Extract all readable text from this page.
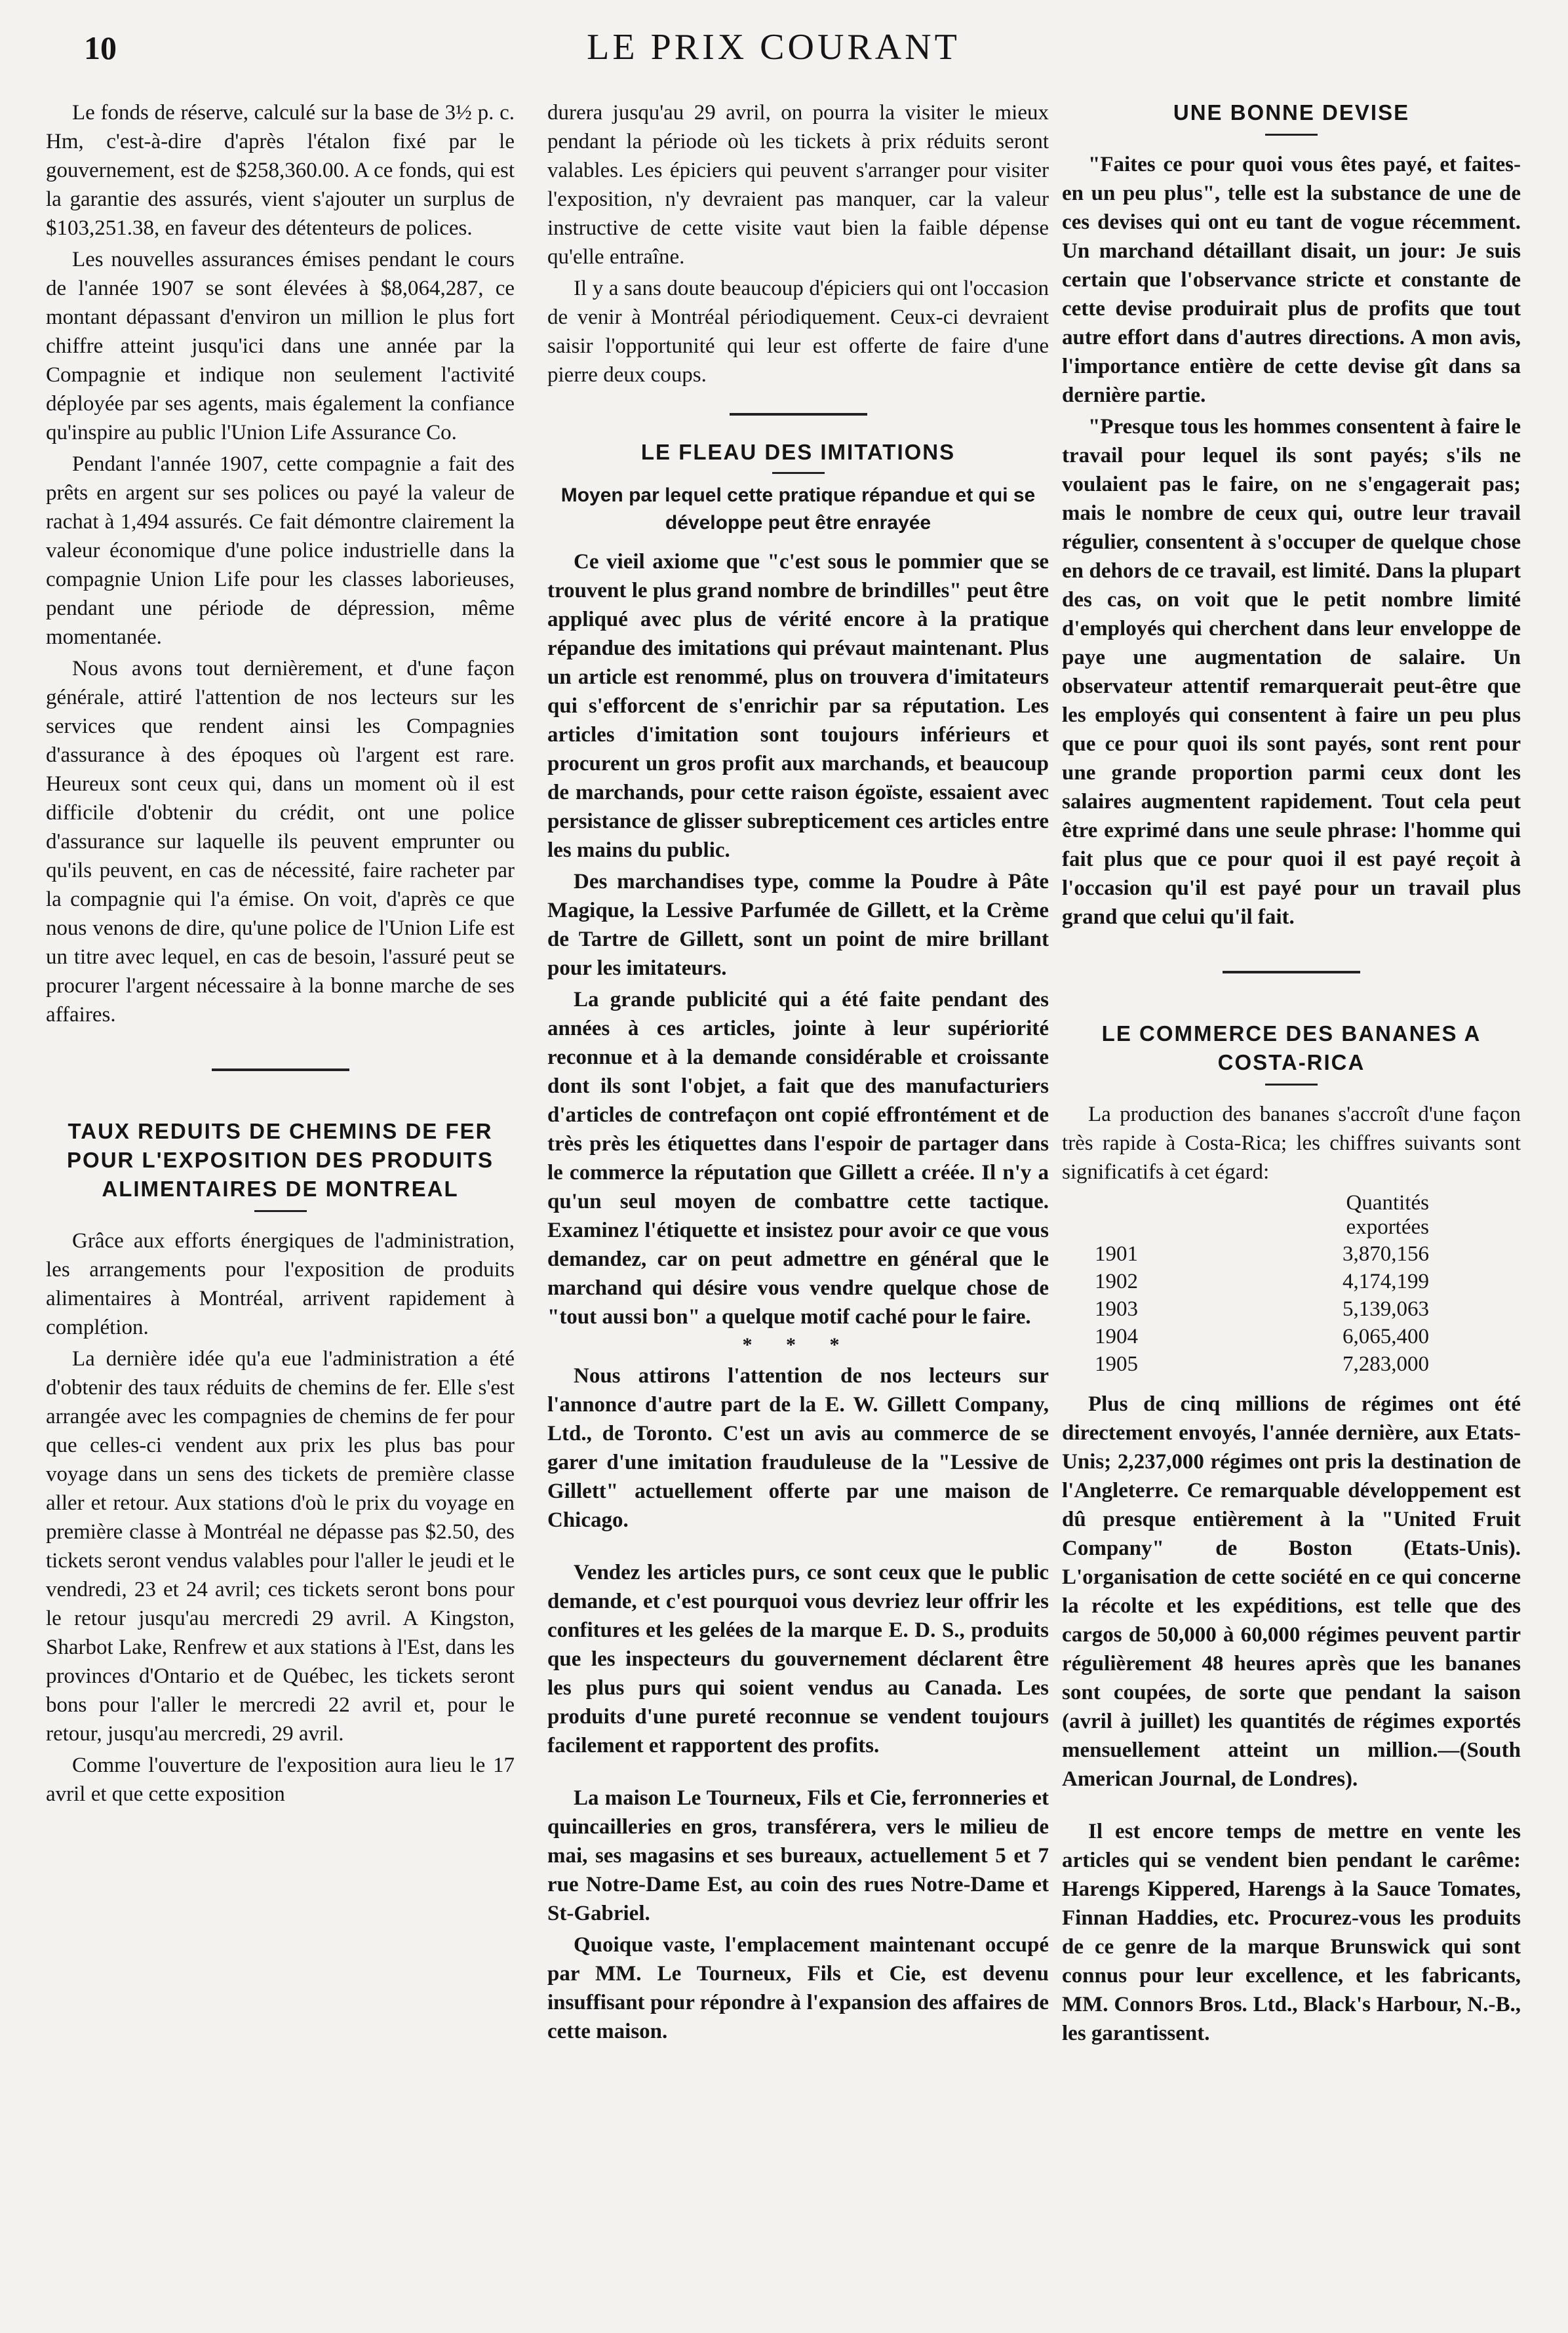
10	LE PRIX COURANT

Le fonds de réserve, calculé sur la base de 3½ p. c. Hm, c'est-à-dire d'après l'étalon fixé par le gouvernement, est de $258,360.00. A ce fonds, qui est la garantie des assurés, vient s'ajouter un surplus de $103,251.38, en faveur des détenteurs de polices.

Les nouvelles assurances émises pendant le cours de l'année 1907 se sont élevées à $8,064,287, ce montant dépassant d'environ un million le plus fort chiffre atteint jusqu'ici dans une année par la Compagnie et indique non seulement l'activité déployée par ses agents, mais également la confiance qu'inspire au public l'Union Life Assurance Co.

Pendant l'année 1907, cette compagnie a fait des prêts en argent sur ses polices ou payé la valeur de rachat à 1,494 assurés. Ce fait démontre clairement la valeur économique d'une police industrielle dans la compagnie Union Life pour les classes laborieuses, pendant une période de dépression, même momentanée.

Nous avons tout dernièrement, et d'une façon générale, attiré l'attention de nos lecteurs sur les services que rendent ainsi les Compagnies d'assurance à des époques où l'argent est rare. Heureux sont ceux qui, dans un moment où il est difficile d'obtenir du crédit, ont une police d'assurance sur laquelle ils peuvent emprunter ou qu'ils peuvent, en cas de nécessité, faire racheter par la compagnie qui l'a émise. On voit, d'après ce que nous venons de dire, qu'une police de l'Union Life est un titre avec lequel, en cas de besoin, l'assuré peut se procurer l'argent nécessaire à la bonne marche de ses affaires.

TAUX REDUITS DE CHEMINS DE FER POUR L'EXPOSITION DES PRODUITS ALIMENTAIRES DE MONTREAL

Grâce aux efforts énergiques de l'administration, les arrangements pour l'exposition de produits alimentaires à Montréal, arrivent rapidement à complétion.

La dernière idée qu'a eue l'administration a été d'obtenir des taux réduits de chemins de fer. Elle s'est arrangée avec les compagnies de chemins de fer pour que celles-ci vendent aux prix les plus bas pour voyage dans un sens des tickets de première classe aller et retour. Aux stations d'où le prix du voyage en première classe à Montréal ne dépasse pas $2.50, des tickets seront vendus valables pour l'aller le jeudi et le vendredi, 23 et 24 avril; ces tickets seront bons pour le retour jusqu'au mercredi 29 avril. A Kingston, Sharbot Lake, Renfrew et aux stations à l'Est, dans les provinces d'Ontario et de Québec, les tickets seront bons pour l'aller le mercredi 22 avril et, pour le retour, jusqu'au mercredi, 29 avril.

Comme l'ouverture de l'exposition aura lieu le 17 avril et que cette exposition

durera jusqu'au 29 avril, on pourra la visiter le mieux pendant la période où les tickets à prix réduits seront valables. Les épiciers qui peuvent s'arranger pour visiter l'exposition, n'y devraient pas manquer, car la valeur instructive de cette visite vaut bien la faible dépense qu'elle entraîne.

Il y a sans doute beaucoup d'épiciers qui ont l'occasion de venir à Montréal périodiquement. Ceux-ci devraient saisir l'opportunité qui leur est offerte de faire d'une pierre deux coups.

LE FLEAU DES IMITATIONS
Moyen par lequel cette pratique répandue et qui se développe peut être enrayée

Ce vieil axiome que "c'est sous le pommier que se trouvent le plus grand nombre de brindilles" peut être appliqué avec plus de vérité encore à la pratique répandue des imitations qui prévaut maintenant. Plus un article est renommé, plus on trouvera d'imitateurs qui s'efforcent de s'enrichir par sa réputation. Les articles d'imitation sont toujours inférieurs et procurent un gros profit aux marchands, et beaucoup de marchands, pour cette raison égoïste, essaient avec persistance de glisser subrepticement ces articles entre les mains du public.

Des marchandises type, comme la Poudre à Pâte Magique, la Lessive Parfumée de Gillett, et la Crème de Tartre de Gillett, sont un point de mire brillant pour les imitateurs.

La grande publicité qui a été faite pendant des années à ces articles, jointe à leur supériorité reconnue et à la demande considérable et croissante dont ils sont l'objet, a fait que des manufacturiers d'articles de contrefaçon ont copié effrontément et de très près les étiquettes dans l'espoir de partager dans le commerce la réputation que Gillett a créée. Il n'y a qu'un seul moyen de combattre cette tactique. Examinez l'étiquette et insistez pour avoir ce que vous demandez, car on peut admettre en général que le marchand qui désire vous vendre quelque chose de "tout aussi bon" a quelque motif caché pour le faire.

* * *

Nous attirons l'attention de nos lecteurs sur l'annonce d'autre part de la E. W. Gillett Company, Ltd., de Toronto. C'est un avis au commerce de se garer d'une imitation frauduleuse de la "Lessive de Gillett" actuellement offerte par une maison de Chicago.

Vendez les articles purs, ce sont ceux que le public demande, et c'est pourquoi vous devriez leur offrir les confitures et les gelées de la marque E. D. S., produits que les inspecteurs du gouvernement déclarent être les plus purs qui soient vendus au Canada. Les produits d'une pureté reconnue se vendent toujours facilement et rapportent des profits.

La maison Le Tourneux, Fils et Cie, ferronneries et quincailleries en gros, transférera, vers le milieu de mai, ses magasins et ses bureaux, actuellement 5 et 7 rue Notre-Dame Est, au coin des rues Notre-Dame et St-Gabriel.

Quoique vaste, l'emplacement maintenant occupé par MM. Le Tourneux, Fils et Cie, est devenu insuffisant pour répondre à l'expansion des affaires de cette maison.

UNE BONNE DEVISE

"Faites ce pour quoi vous êtes payé, et faites-en un peu plus", telle est la substance de une de ces devises qui ont eu tant de vogue récemment. Un marchand détaillant disait, un jour: Je suis certain que l'observance stricte et constante de cette devise produirait plus de profits que tout autre effort dans d'autres directions. A mon avis, l'importance entière de cette devise gît dans sa dernière partie.

"Presque tous les hommes consentent à faire le travail pour lequel ils sont payés; s'ils ne voulaient pas le faire, on ne s'engagerait pas; mais le nombre de ceux qui, outre leur travail régulier, consentent à s'occuper de quelque chose en dehors de ce travail, est limité. Dans la plupart des cas, on voit que le petit nombre limité d'employés qui cherchent dans leur enveloppe de paye une augmentation de salaire. Un observateur attentif remarquerait peut-être que les employés qui consentent à faire un peu plus que ce pour quoi ils sont payés, sont rent pour une grande proportion parmi ceux dont les salaires augmentent rapidement. Tout cela peut être exprimé dans une seule phrase: l'homme qui fait plus que ce pour quoi il est payé reçoit à l'occasion qu'il est payé pour un travail plus grand que celui qu'il fait.

LE COMMERCE DES BANANES A COSTA-RICA

La production des bananes s'accroît d'une façon très rapide à Costa-Rica; les chiffres suivants sont significatifs à cet égard:

	Quantités exportées
1901	3,870,156
1902	4,174,199
1903	5,139,063
1904	6,065,400
1905	7,283,000

Plus de cinq millions de régimes ont été directement envoyés, l'année dernière, aux Etats-Unis; 2,237,000 régimes ont pris la destination de l'Angleterre. Ce remarquable développement est dû presque entièrement à la "United Fruit Company" de Boston (Etats-Unis). L'organisation de cette société en ce qui concerne la récolte et les expéditions, est telle que des cargos de 50,000 à 60,000 régimes peuvent partir régulièrement 48 heures après que les bananes sont coupées, de sorte que pendant la saison (avril à juillet) les quantités de régimes exportés mensuellement atteint un million.—(South American Journal, de Londres).

Il est encore temps de mettre en vente les articles qui se vendent bien pendant le carême: Harengs Kippered, Harengs à la Sauce Tomates, Finnan Haddies, etc. Procurez-vous les produits de ce genre de la marque Brunswick qui sont connus pour leur excellence, et les fabricants, MM. Connors Bros. Ltd., Black's Harbour, N.-B., les garantissent.
